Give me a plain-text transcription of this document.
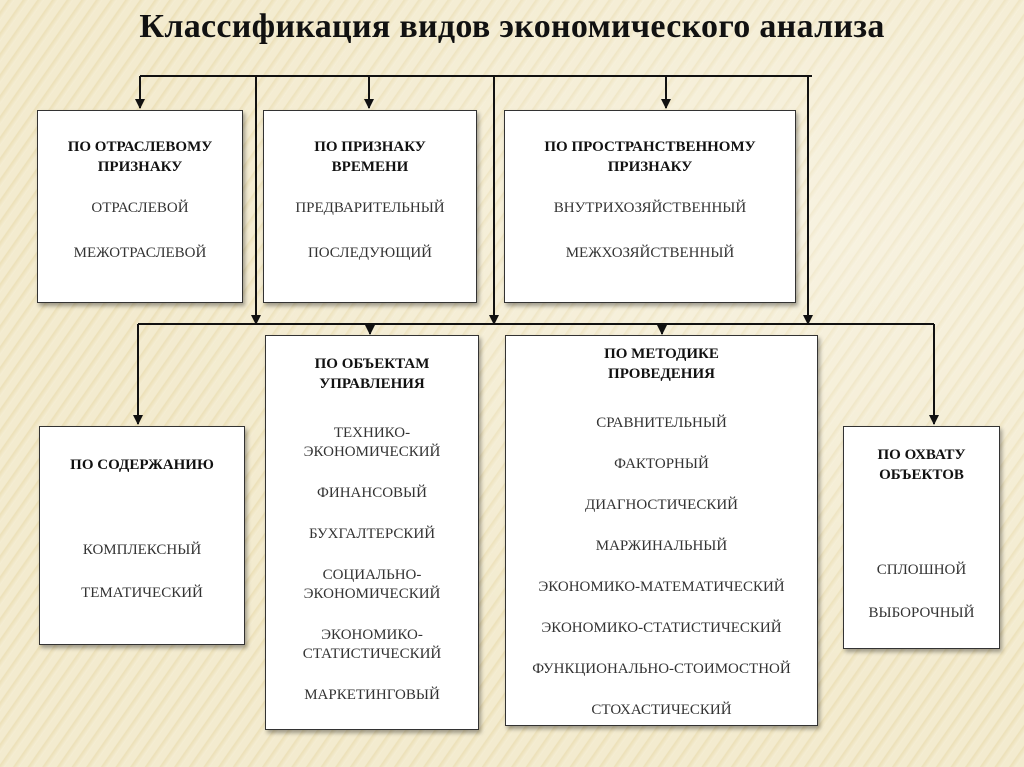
Классификация видов экономического анализа
ПО ОТРАСЛЕВОМУ ПРИЗНАКУ
ОТРАСЛЕВОЙ
МЕЖОТРАСЛЕВОЙ
ПО ПРИЗНАКУ ВРЕМЕНИ
ПРЕДВАРИТЕЛЬНЫЙ
ПОСЛЕДУЮЩИЙ
ПО ПРОСТРАНСТВЕННОМУ ПРИЗНАКУ
ВНУТРИХОЗЯЙСТВЕННЫЙ
МЕЖХОЗЯЙСТВЕННЫЙ
ПО СОДЕРЖАНИЮ
КОМПЛЕКСНЫЙ
ТЕМАТИЧЕСКИЙ
ПО ОБЪЕКТАМ УПРАВЛЕНИЯ
ТЕХНИКО-ЭКОНОМИЧЕСКИЙ
ФИНАНСОВЫЙ
БУХГАЛТЕРСКИЙ
СОЦИАЛЬНО-ЭКОНОМИЧЕСКИЙ
ЭКОНОМИКО-СТАТИСТИЧЕСКИЙ
МАРКЕТИНГОВЫЙ
ПО МЕТОДИКЕ ПРОВЕДЕНИЯ
СРАВНИТЕЛЬНЫЙ
ФАКТОРНЫЙ
ДИАГНОСТИЧЕСКИЙ
МАРЖИНАЛЬНЫЙ
ЭКОНОМИКО-МАТЕМАТИЧЕСКИЙ
ЭКОНОМИКО-СТАТИСТИЧЕСКИЙ
ФУНКЦИОНАЛЬНО-СТОИМОСТНОЙ
СТОХАСТИЧЕСКИЙ
ПО ОХВАТУ ОБЪЕКТОВ
СПЛОШНОЙ
ВЫБОРОЧНЫЙ
